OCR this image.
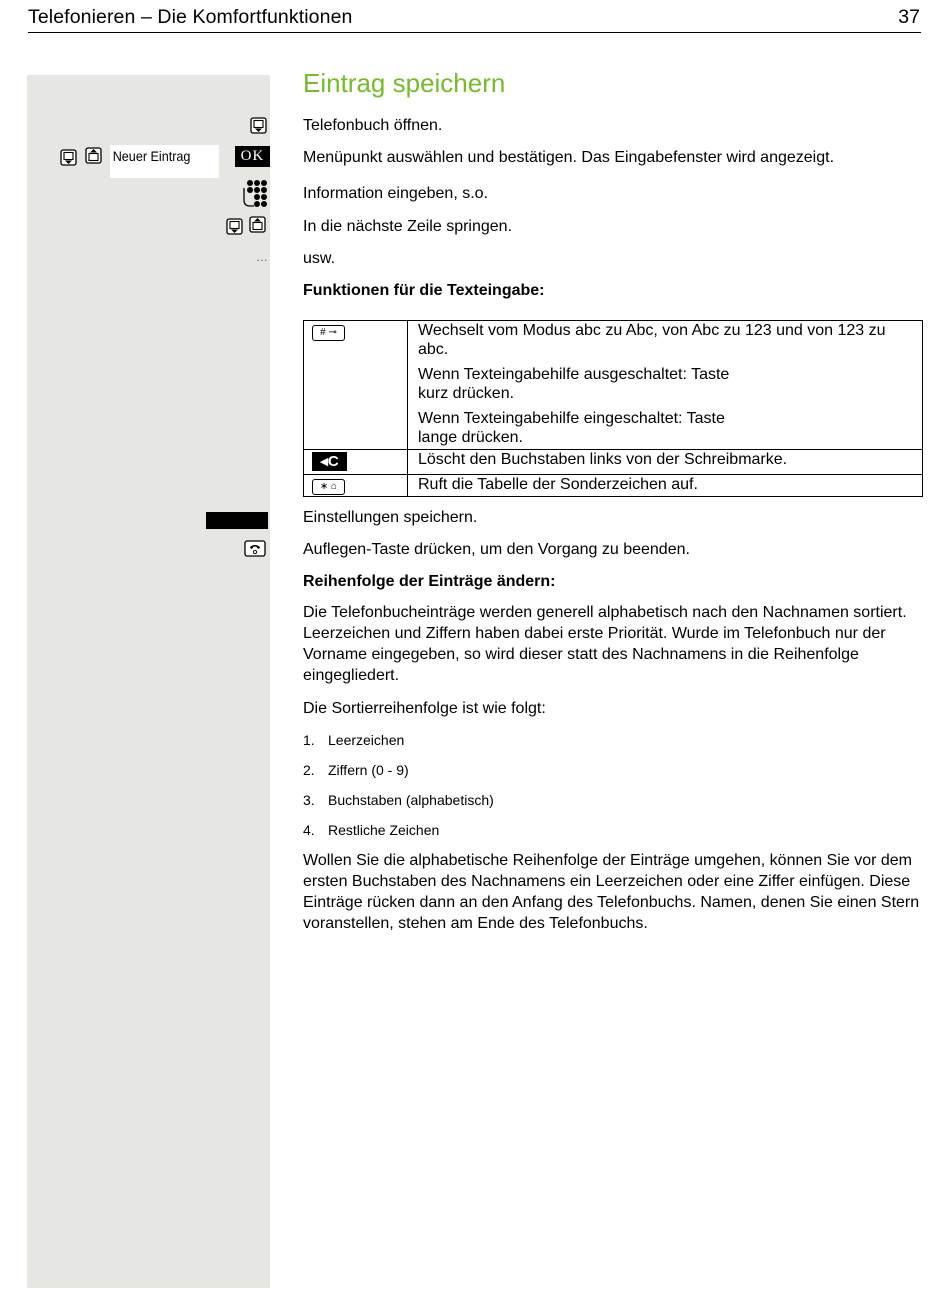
Telefonieren – Die Komfortfunktionen	37
Neuer Eintrag	OK
…
Eintrag speichern
Telefonbuch öffnen.
Menüpunkt auswählen und bestätigen. Das Eingabefenster wird angezeigt.
Information eingeben, s.o.
In die nächste Zeile springen.
usw.
Funktionen für die Texteingabe:
# ⊸	Wechselt vom Modus abc zu Abc, von Abc zu 123 und von 123 zu abc.
Wenn Texteingabehilfe ausgeschaltet: Taste kurz drücken.
Wenn Texteingabehilfe eingeschaltet: Taste lange drücken.

◂C	Löscht den Buchstaben links von der Schreibmarke.

∗ ⌂	Ruft die Tabelle der Sonderzeichen auf.
Einstellungen speichern.
Auflegen-Taste drücken, um den Vorgang zu beenden.
Reihenfolge der Einträge ändern:
Die Telefonbucheinträge werden generell alphabetisch nach den Nachnamen sortiert. Leerzeichen und Ziffern haben dabei erste Priorität. Wurde im Telefonbuch nur der Vorname eingegeben, so wird dieser statt des Nachnamens in die Reihenfolge eingegliedert.
Die Sortierreihenfolge ist wie folgt:
1. Leerzeichen
2. Ziffern (0 - 9)
3. Buchstaben (alphabetisch)
4. Restliche Zeichen
Wollen Sie die alphabetische Reihenfolge der Einträge umgehen, können Sie vor dem ersten Buchstaben des Nachnamens ein Leerzeichen oder eine Ziffer einfügen. Diese Einträge rücken dann an den Anfang des Telefonbuchs. Namen, denen Sie einen Stern voranstellen, stehen am Ende des Telefonbuchs.
